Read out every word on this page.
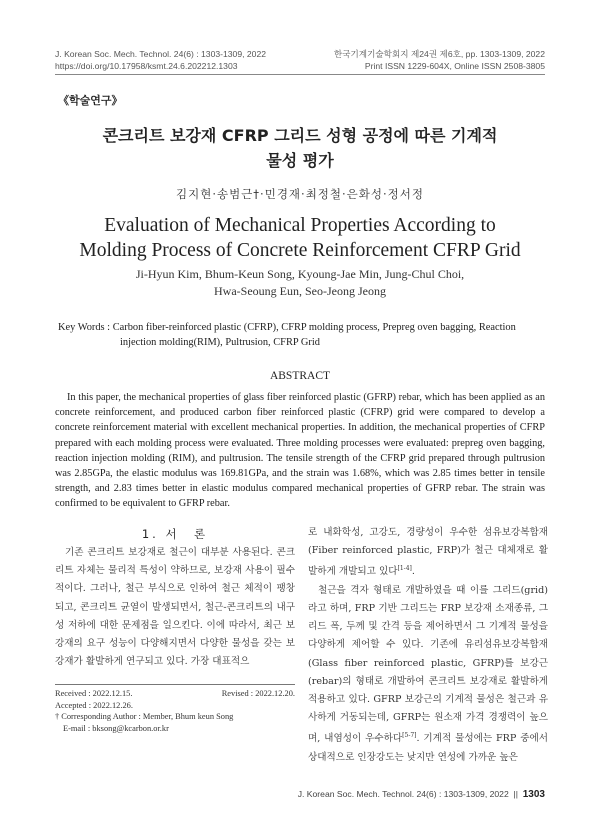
J. Korean Soc. Mech. Technol. 24(6) : 1303-1309, 2022
https://doi.org/10.17958/ksmt.24.6.202212.1303
한국기계기술학회지 제24권 제6호, pp. 1303-1309, 2022
Print ISSN 1229-604X, Online ISSN 2508-3805
《학술연구》
콘크리트 보강재 CFRP 그리드 성형 공정에 따른 기계적
물성 평가
김지현·송범근†·민경재·최정철·은화성·정서정
Evaluation of Mechanical Properties According to
Molding Process of Concrete Reinforcement CFRP Grid
Ji-Hyun Kim, Bhum-Keun Song, Kyoung-Jae Min, Jung-Chul Choi,
Hwa-Seoung Eun, Seo-Jeong Jeong
Key Words : Carbon fiber-reinforced plastic (CFRP), CFRP molding process, Prepreg oven bagging, Reaction
injection molding(RIM), Pultrusion, CFRP Grid
ABSTRACT
In this paper, the mechanical properties of glass fiber reinforced plastic (GFRP) rebar, which has been applied as an concrete reinforcement, and produced carbon fiber reinforced plastic (CFRP) grid were compared to develop a concrete reinforcement material with excellent mechanical properties. In addition, the mechanical properties of CFRP prepared with each molding process were evaluated. Three molding processes were evaluated: prepreg oven bagging, reaction injection molding (RIM), and pultrusion. The tensile strength of the CFRP grid prepared through pultrusion was 2.85GPa, the elastic modulus was 169.81GPa, and the strain was 1.68%, which was 2.85 times better in tensile strength, and 2.83 times better in elastic modulus compared mechanical properties of GFRP rebar. The strain was confirmed to be equivalent to GFRP rebar.
1. 서　론

기존 콘크리트 보강재로 철근이 대부분 사용된다. 콘크리트 자체는 물리적 특성이 약하므로, 보강재 사용이 필수적이다. 그러나, 철근 부식으로 인하여 철근 체적이 팽창 되고, 콘크리트 균열이 발생되면서, 철근-콘크리트의 내구성 저하에 대한 문제점을 일으킨다. 이에 따라서, 최근 보강재의 요구 성능이 다양해지면서 다양한 물성을 갖는 보강재가 활발하게 연구되고 있다. 가장 대표적으

로 내화학성, 고강도, 경량성이 우수한 섬유보강복합재(Fiber reinforced plastic, FRP)가 철근 대체재로 활발하게 개발되고 있다[1-4].

철근을 격자 형태로 개발하였을 때 이를 그리드(grid)라고 하며, FRP 기반 그리드는 FRP 보강재 소재종류, 그리드 폭, 두께 및 간격 등을 제어하면서 그 기계적 물성을 다양하게 제어할 수 있다. 기존에 유리섬유보강복합재(Glass fiber reinforced plastic, GFRP)를 보강근(rebar)의 형태로 개발하여 콘크리트 보강재로 활발하게 적용하고 있다. GFRP 보강근의 기계적 물성은 철근과 유사하게 거동되는데, GFRP는 원소재 가격 경쟁력이 높으며, 내염성이 우수하다[5-7]. 기계적 물성에는 FRP 중에서 상대적으로 인장강도는 낮지만 연성에 가까운 높은

Received : 2022.12.15.	Revised : 2022.12.20.
Accepted : 2022.12.26.
† Corresponding Author : Member, Bhum keun Song
E-mail : bksong@kcarbon.or.kr
J. Korean Soc. Mech. Technol. 24(6) : 1303-1309, 2022  ||  1303
